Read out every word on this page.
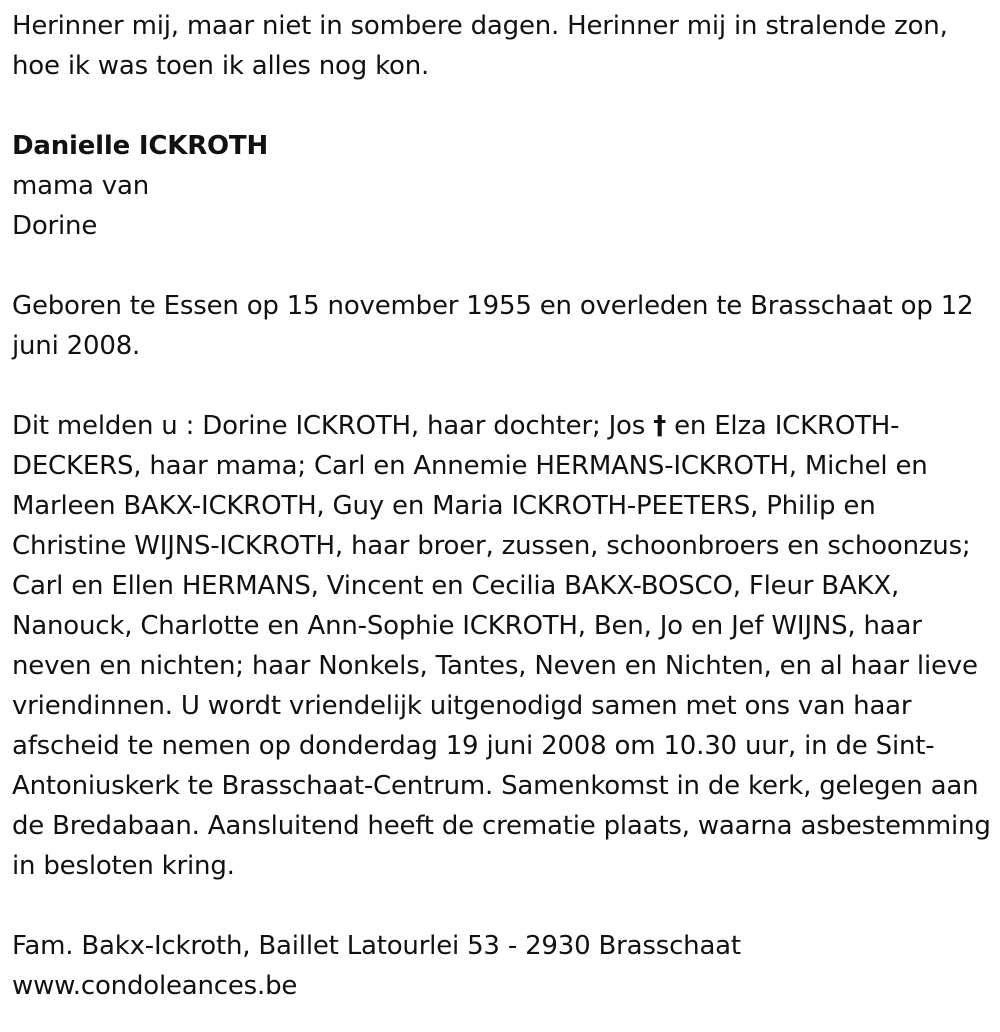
Herinner mij, maar niet in sombere dagen. Herinner mij in stralende zon,
hoe ik was toen ik alles nog kon.

Danielle ICKROTH

mama van

Dorine

Geboren te Essen op 15 november 1955 en overleden te Brasschaat op 12 juni 2008.

Dit melden u : Dorine ICKROTH, haar dochter; Jos † en Elza ICKROTH-DECKERS, haar mama; Carl en Annemie HERMANS-ICKROTH, Michel en Marleen BAKX-ICKROTH, Guy en Maria ICKROTH-PEETERS, Philip en Christine WIJNS-ICKROTH, haar broer, zussen, schoonbroers en schoonzus; Carl en Ellen HERMANS, Vincent en Cecilia BAKX-BOSCO, Fleur BAKX, Nanouck, Charlotte en Ann-Sophie ICKROTH, Ben, Jo en Jef WIJNS, haar neven en nichten; haar Nonkels, Tantes, Neven en Nichten, en al haar lieve vriendinnen. U wordt vriendelijk uitgenodigd samen met ons van haar afscheid te nemen op donderdag 19 juni 2008 om 10.30 uur, in de Sint-Antoniuskerk te Brasschaat-Centrum. Samenkomst in de kerk, gelegen aan de Bredabaan. Aansluitend heeft de crematie plaats, waarna asbestemming in besloten kring.

Fam. Bakx-Ickroth, Baillet Latourlei 53 - 2930 Brasschaat

www.condoleances.be
